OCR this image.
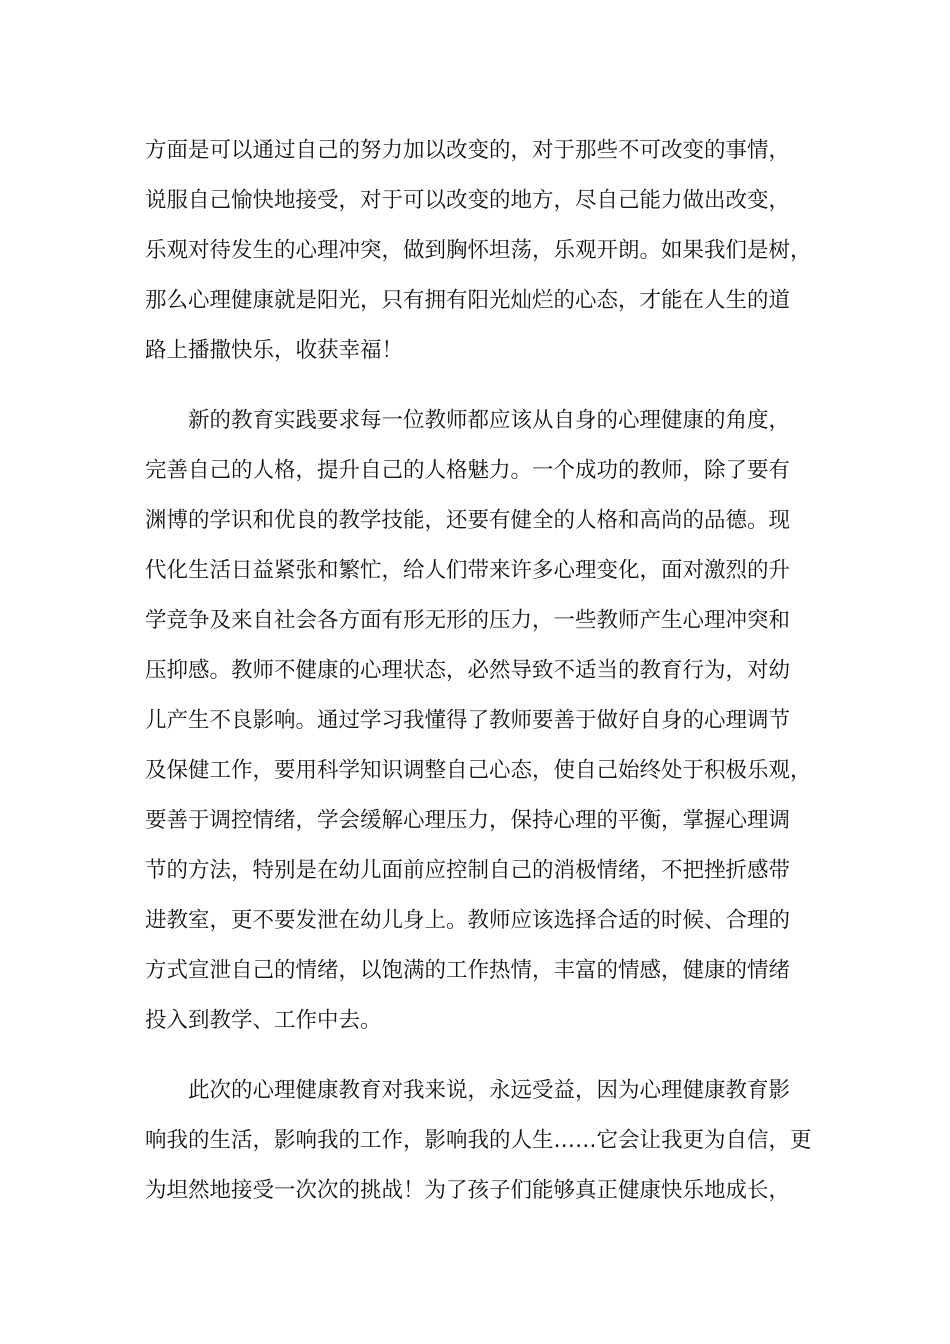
方面是可以通过自己的努力加以改变的，对于那些不可改变的事情，
说服自己愉快地接受，对于可以改变的地方，尽自己能力做出改变，
乐观对待发生的心理冲突，做到胸怀坦荡，乐观开朗。如果我们是树，
那么心理健康就是阳光，只有拥有阳光灿烂的心态，才能在人生的道
路上播撒快乐，收获幸福！
新的教育实践要求每一位教师都应该从自身的心理健康的角度，
完善自己的人格，提升自己的人格魅力。一个成功的教师，除了要有
渊博的学识和优良的教学技能，还要有健全的人格和高尚的品德。现
代化生活日益紧张和繁忙，给人们带来许多心理变化，面对激烈的升
学竞争及来自社会各方面有形无形的压力，一些教师产生心理冲突和
压抑感。教师不健康的心理状态，必然导致不适当的教育行为，对幼
儿产生不良影响。通过学习我懂得了教师要善于做好自身的心理调节
及保健工作，要用科学知识调整自己心态，使自己始终处于积极乐观，
要善于调控情绪，学会缓解心理压力，保持心理的平衡，掌握心理调
节的方法，特别是在幼儿面前应控制自己的消极情绪，不把挫折感带
进教室，更不要发泄在幼儿身上。教师应该选择合适的时候、合理的
方式宣泄自己的情绪，以饱满的工作热情，丰富的情感，健康的情绪
投入到教学、工作中去。
此次的心理健康教育对我来说，永远受益，因为心理健康教育影
响我的生活，影响我的工作，影响我的人生……它会让我更为自信，更
为坦然地接受一次次的挑战！为了孩子们能够真正健康快乐地成长，
